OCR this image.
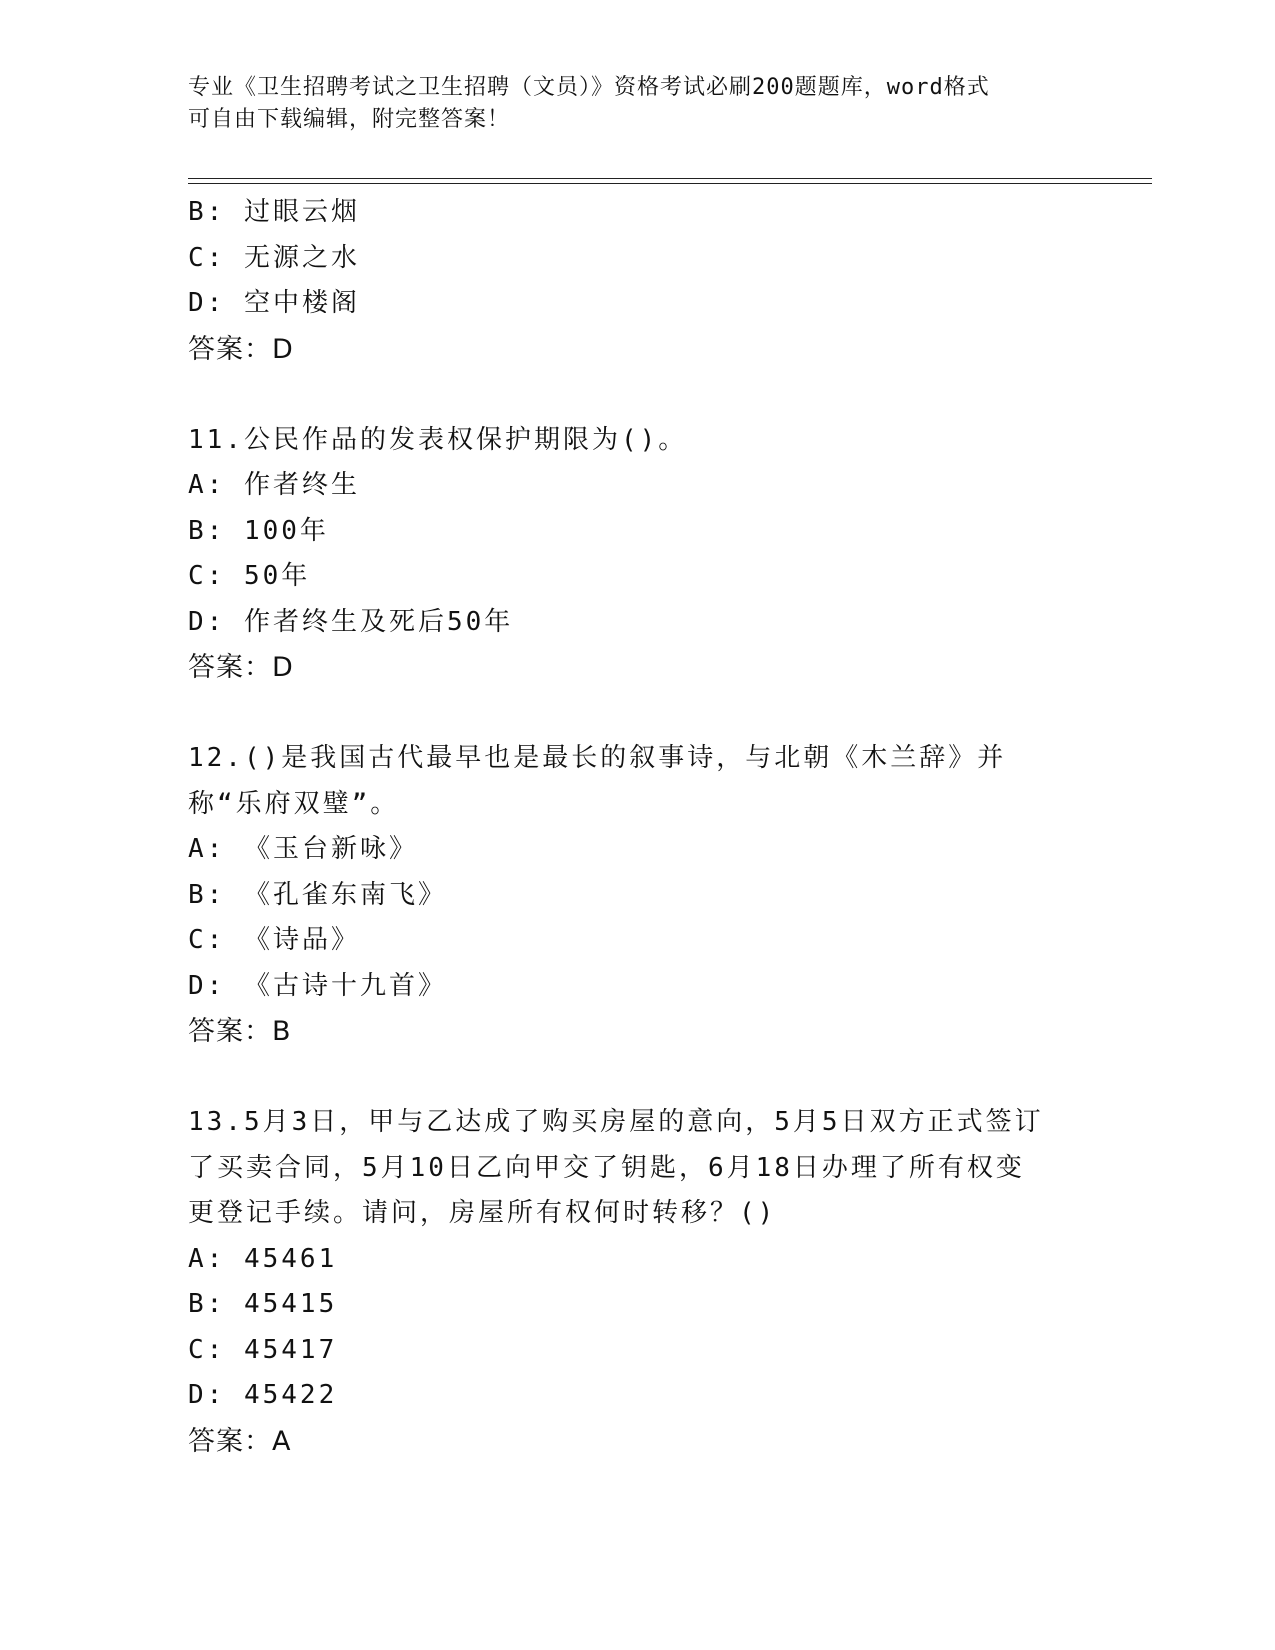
专业《卫生招聘考试之卫生招聘（文员）》资格考试必刷200题题库，word格式
可自由下载编辑，附完整答案！
B: 过眼云烟
C: 无源之水
D: 空中楼阁
答案：D
11.公民作品的发表权保护期限为()。
A: 作者终生
B: 100年
C: 50年
D: 作者终生及死后50年
答案：D
12.()是我国古代最早也是最长的叙事诗，与北朝《木兰辞》并称“乐府双璧”。
A: 《玉台新咏》
B: 《孔雀东南飞》
C: 《诗品》
D: 《古诗十九首》
答案：B
13.5月3日，甲与乙达成了购买房屋的意向，5月5日双方正式签订了买卖合同，5月10日乙向甲交了钥匙，6月18日办理了所有权变更登记手续。请问，房屋所有权何时转移？()
A: 45461
B: 45415
C: 45417
D: 45422
答案：A
